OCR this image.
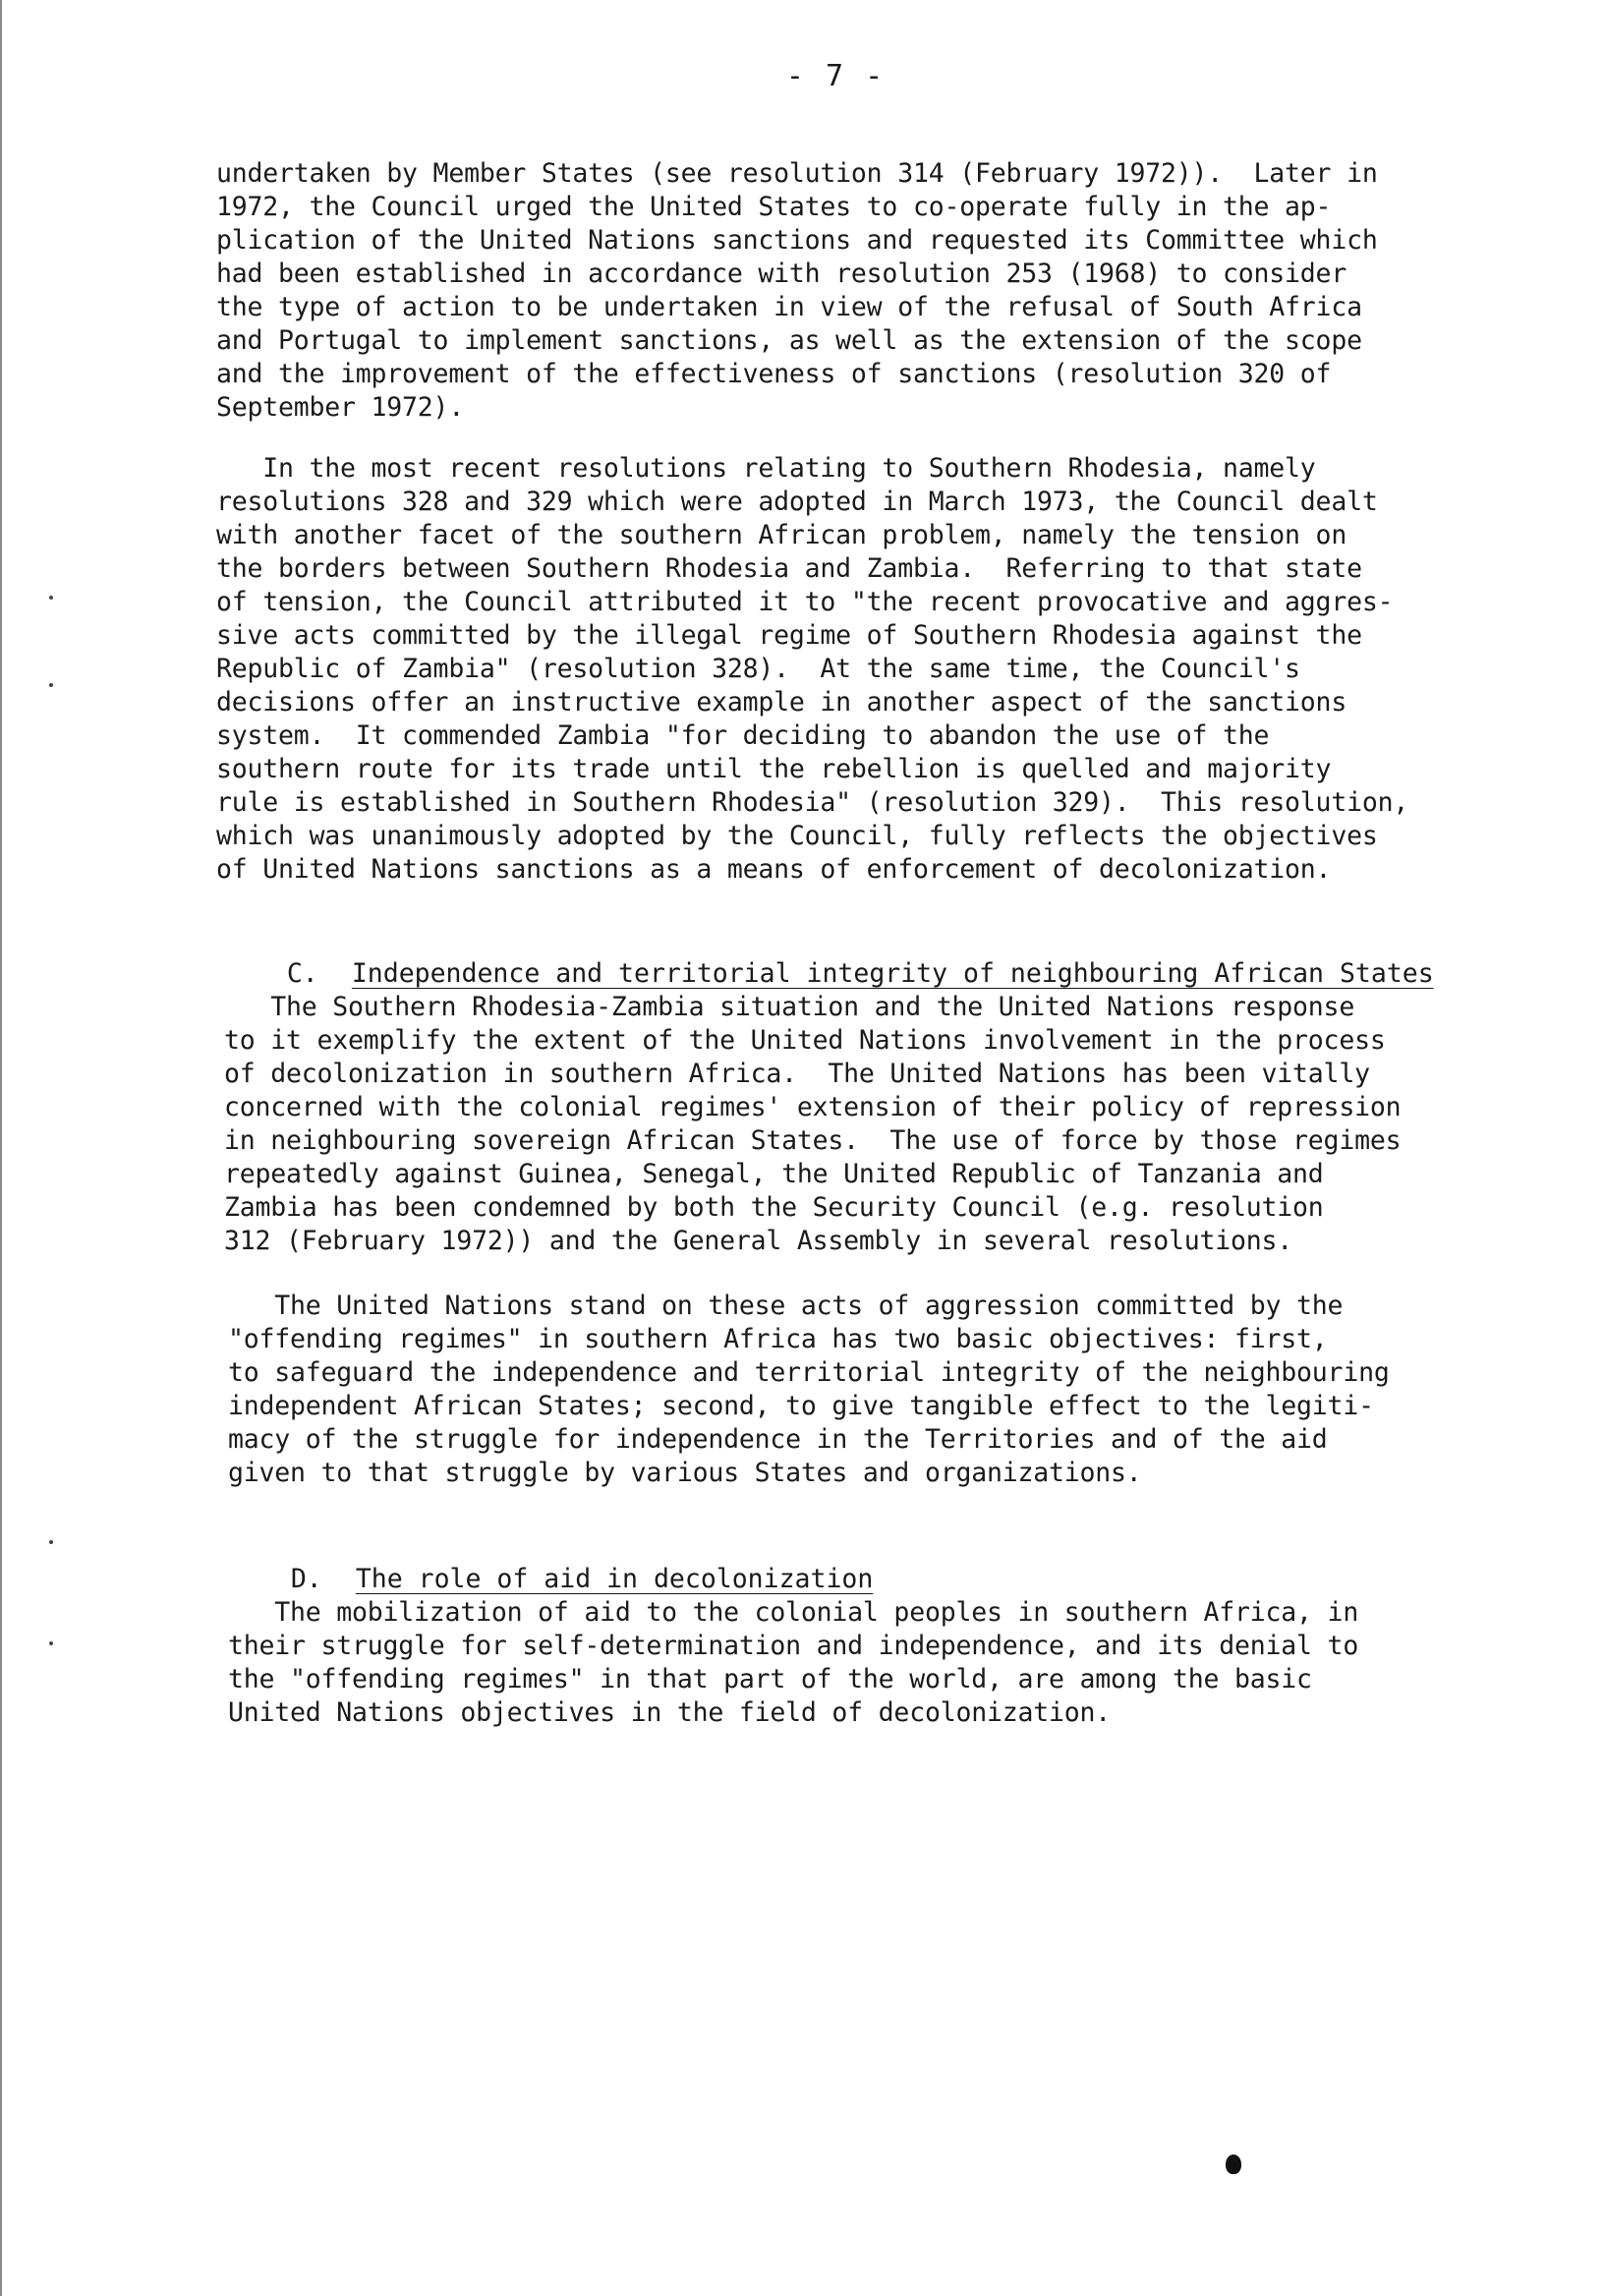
- 7 -
undertaken by Member States (see resolution 314 (February 1972)).  Later in
1972, the Council urged the United States to co-operate fully in the ap-
plication of the United Nations sanctions and requested its Committee which
had been established in accordance with resolution 253 (1968) to consider
the type of action to be undertaken in view of the refusal of South Africa
and Portugal to implement sanctions, as well as the extension of the scope
and the improvement of the effectiveness of sanctions (resolution 320 of
September 1972).
In the most recent resolutions relating to Southern Rhodesia, namely
resolutions 328 and 329 which were adopted in March 1973, the Council dealt
with another facet of the southern African problem, namely the tension on
the borders between Southern Rhodesia and Zambia.  Referring to that state
of tension, the Council attributed it to "the recent provocative and aggres-
sive acts committed by the illegal regime of Southern Rhodesia against the
Republic of Zambia" (resolution 328).  At the same time, the Council's
decisions offer an instructive example in another aspect of the sanctions
system.  It commended Zambia "for deciding to abandon the use of the
southern route for its trade until the rebellion is quelled and majority
rule is established in Southern Rhodesia" (resolution 329).  This resolution,
which was unanimously adopted by the Council, fully reflects the objectives
of United Nations sanctions as a means of enforcement of decolonization.

C. Independence and territorial integrity of neighbouring African States

The Southern Rhodesia-Zambia situation and the United Nations response
to it exemplify the extent of the United Nations involvement in the process
of decolonization in southern Africa.  The United Nations has been vitally
concerned with the colonial regimes' extension of their policy of repression
in neighbouring sovereign African States.  The use of force by those regimes
repeatedly against Guinea, Senegal, the United Republic of Tanzania and
Zambia has been condemned by both the Security Council (e.g. resolution
312 (February 1972)) and the General Assembly in several resolutions.
The United Nations stand on these acts of aggression committed by the
"offending regimes" in southern Africa has two basic objectives: first,
to safeguard the independence and territorial integrity of the neighbouring
independent African States; second, to give tangible effect to the legiti-
macy of the struggle for independence in the Territories and of the aid
given to that struggle by various States and organizations.

D. The role of aid in decolonization

The mobilization of aid to the colonial peoples in southern Africa, in
their struggle for self-determination and independence, and its denial to
the "offending regimes" in that part of the world, are among the basic
United Nations objectives in the field of decolonization.
